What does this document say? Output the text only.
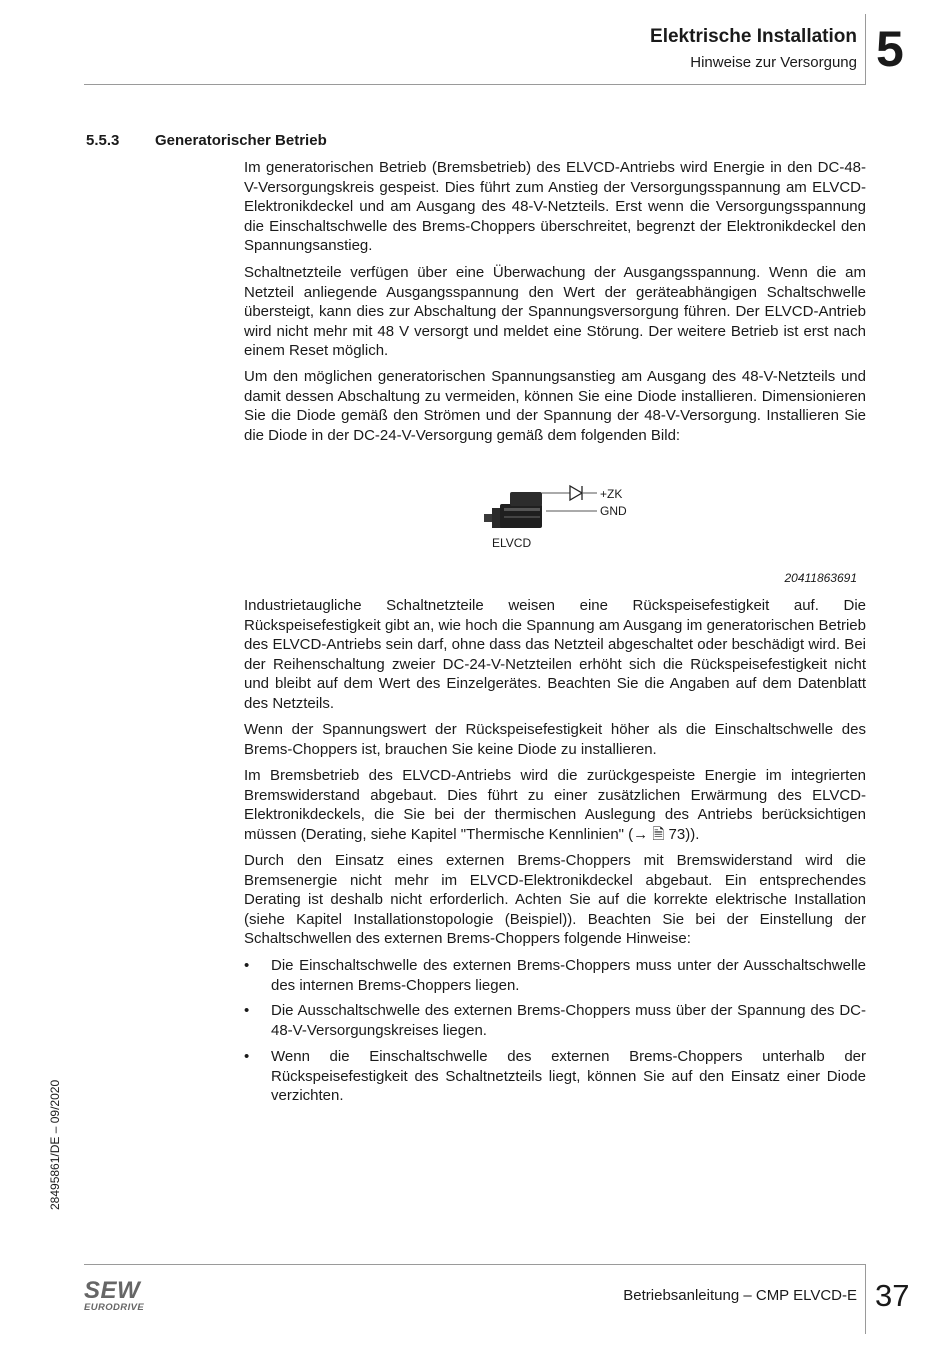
Elektrische Installation
Hinweise zur Versorgung 5
5.5.3 Generatorischer Betrieb

Im generatorischen Betrieb (Bremsbetrieb) des ELVCD-Antriebs wird Energie in den DC-48-V-Versorgungskreis gespeist. Dies führt zum Anstieg der Versorgungsspannung am ELVCD-Elektronikdeckel und am Ausgang des 48-V-Netzteils. Erst wenn die Versorgungsspannung die Einschaltschwelle des Brems-Choppers überschreitet, begrenzt der Elektronikdeckel den Spannungsanstieg.

Schaltnetzteile verfügen über eine Überwachung der Ausgangsspannung. Wenn die am Netzteil anliegende Ausgangsspannung den Wert der geräteabhängigen Schaltschwelle übersteigt, kann dies zur Abschaltung der Spannungsversorgung führen. Der ELVCD-Antrieb wird nicht mehr mit 48 V versorgt und meldet eine Störung. Der weitere Betrieb ist erst nach einem Reset möglich.

Um den möglichen generatorischen Spannungsanstieg am Ausgang des 48-V-Netzteils und damit dessen Abschaltung zu vermeiden, können Sie eine Diode installieren. Dimensionieren Sie die Diode gemäß den Strömen und der Spannung der 48-V-Versorgung. Installieren Sie die Diode in der DC-24-V-Versorgung gemäß dem folgenden Bild:

+ZK
GND
ELVCD
20411863691

Industrietaugliche Schaltnetzteile weisen eine Rückspeisefestigkeit auf. Die Rückspeisefestigkeit gibt an, wie hoch die Spannung am Ausgang im generatorischen Betrieb des ELVCD-Antriebs sein darf, ohne dass das Netzteil abgeschaltet oder beschädigt wird. Bei der Reihenschaltung zweier DC-24-V-Netzteilen erhöht sich die Rückspeisefestigkeit nicht und bleibt auf dem Wert des Einzelgerätes. Beachten Sie die Angaben auf dem Datenblatt des Netzteils.

Wenn der Spannungswert der Rückspeisefestigkeit höher als die Einschaltschwelle des Brems-Choppers ist, brauchen Sie keine Diode zu installieren.

Im Bremsbetrieb des ELVCD-Antriebs wird die zurückgespeiste Energie im integrierten Bremswiderstand abgebaut. Dies führt zu einer zusätzlichen Erwärmung des ELVCD-Elektronikdeckels, die Sie bei der thermischen Auslegung des Antriebs berücksichtigen müssen (Derating, siehe Kapitel "Thermische Kennlinien" (→ 🗎 73)).

Durch den Einsatz eines externen Brems-Choppers mit Bremswiderstand wird die Bremsenergie nicht mehr im ELVCD-Elektronikdeckel abgebaut. Ein entsprechendes Derating ist deshalb nicht erforderlich. Achten Sie auf die korrekte elektrische Installation (siehe Kapitel Installationstopologie (Beispiel)). Beachten Sie bei der Einstellung der Schaltschwellen des externen Brems-Choppers folgende Hinweise:

• Die Einschaltschwelle des externen Brems-Choppers muss unter der Ausschaltschwelle des internen Brems-Choppers liegen.
• Die Ausschaltschwelle des externen Brems-Choppers muss über der Spannung des DC-48-V-Versorgungskreises liegen.
• Wenn die Einschaltschwelle des externen Brems-Choppers unterhalb der Rückspeisefestigkeit des Schaltnetzteils liegt, können Sie auf den Einsatz einer Diode verzichten.
28495861/DE – 09/2020
SEW
EURODRIVE
Betriebsanleitung – CMP ELVCD-E 37
